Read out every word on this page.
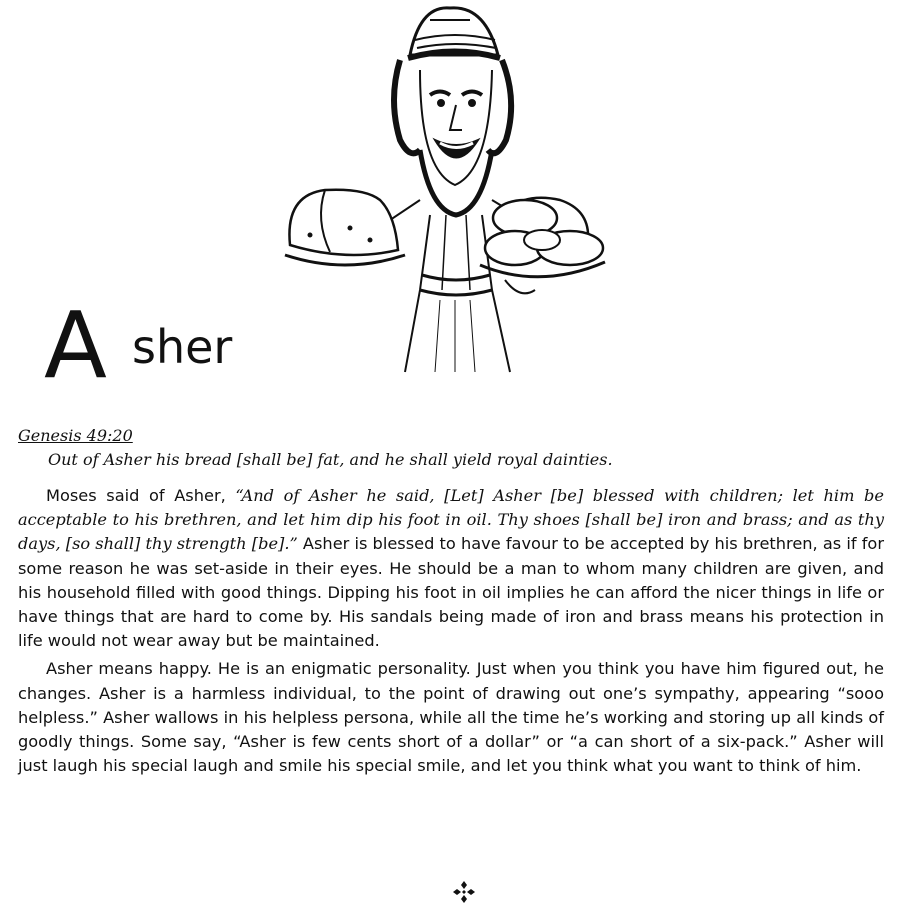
A sher
Genesis 49:20
Out of Asher his bread [shall be] fat, and he shall yield royal dainties.

Moses said of Asher, “And of Asher he said, [Let] Asher [be] blessed with children; let him be acceptable to his brethren, and let him dip his foot in oil. Thy shoes [shall be] iron and brass; and as thy days, [so shall] thy strength [be].” Asher is blessed to have favour to be accepted by his brethren, as if for some reason he was set-aside in their eyes. He should be a man to whom many children are given, and his household filled with good things. Dipping his foot in oil implies he can afford the nicer things in life or have things that are hard to come by. His sandals being made of iron and brass means his protection in life would not wear away but be maintained.

Asher means happy. He is an enigmatic personality. Just when you think you have him figured out, he changes. Asher is a harmless individual, to the point of drawing out one’s sympathy, appearing “sooo helpless.” Asher wallows in his helpless persona, while all the time he’s working and storing up all kinds of goodly things. Some say, “Asher is few cents short of a dollar” or “a can short of a six-pack.” Asher will just laugh his special laugh and smile his special smile, and let you think what you want to think of him.
